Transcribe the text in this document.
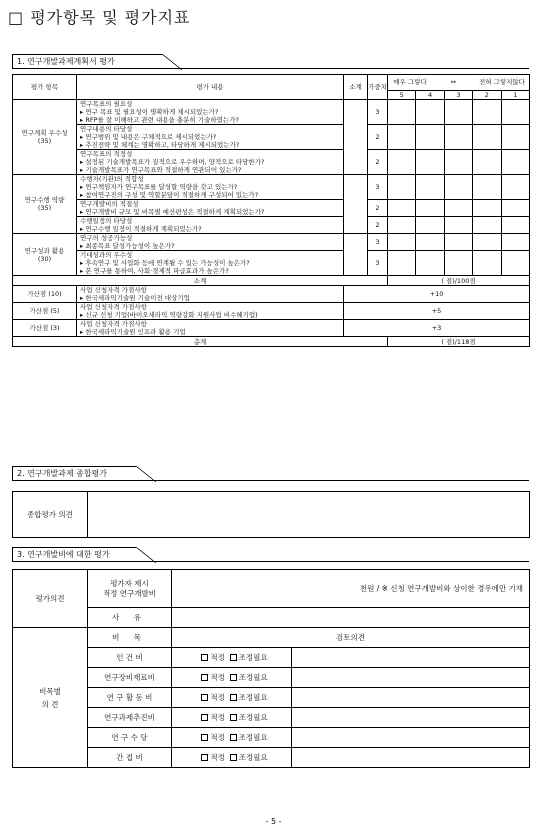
□ 평가항목 및 평가지표
1. 연구개발과제계획서 평가
평가 항목	평가 내용	소계	가중치	매우 그렇다 ↔ 전혀 그렇지않다				

				5	4	3	2	1
연구계획 우수성 (35)	연구목표의 필요성
▸ 연구 목표 및 필요성이 명확하게 제시되었는가?
▸ RFP를 잘 이해하고 관련 내용을 충분히 기술하였는가?		3					

	연구내용의 타당성
▸ 연구범위 및 내용은 구체적으로 제시되었는가?
▸ 추진전략 및 체계는 명확하고, 타당하게 제시되었는가?		2					

	연구목표의 적정성
▸ 설정된 기술개발목표가 질적으로 우수하며, 양적으로 타당한가?
▸ 기술개발목표가 연구목표와 적절하게 연관되어 있는가?		2					
연구수행 역량 (35)	수행자(기관)의 적합성
▸ 연구책임자가 연구목표를 달성할 역량을 갖고 있는가?
▸ 참여연구진의 구성 및 역할분담이 적절하게 구성되어 있는가?		3					

	연구개발비의 적절성
▸ 연구개발비 규모 및 비목별 예산편성은 적절하게 계획되었는가?		2					

	수행일정의 타당성
▸ 연구수행 일정이 적절하게 계획되었는가?		2					
연구성과 활용 (30)	연구의 성공가능성
▸ 최종목표 달성가능성이 높은가?		3					

	기대성과의 우수성
▸ 후속연구 및 사업화 등에 연계될 수 있는 가능성이 높은가?
▸ 본 연구를 통하여, 사회·경제적 파급효과가 높은가?		3					
소계				( 점)/100점				
가산점 (10)	사업 신청자격 가점사항
▸ 한국세라믹기술원 기술이전 대상기업	+10						
가산점 (5)	사업 신청자격 가점사항
▸ 신규 신청 기업(바이오세라믹 역량강화 지원사업 비수혜기업)	+5						
가산점 (3)	사업 신청자격 가점사항
▸ 한국세라믹기술원 인프라 활용 기업	+3						
총계				( 점)/118점				
2. 연구개발과제 종합평가
종합평가 의견	
3. 연구개발비에 대한 평가
평가의견	평가자 제시
적정 연구개발비	천원 / ※ 신청 연구개발비와 상이한 경우에만 기재	
	사 유		

비목별
의 견	비 목	검토의견	
	인 건 비	적정 조정필요	
	연구장비재료비	적정 조정필요	
	연 구 활 동 비	적정 조정필요	
	연구과제추진비	적정 조정필요	
	연 구 수 당	적정 조정필요	
	간 접 비	적정 조정필요	
- 5 -
